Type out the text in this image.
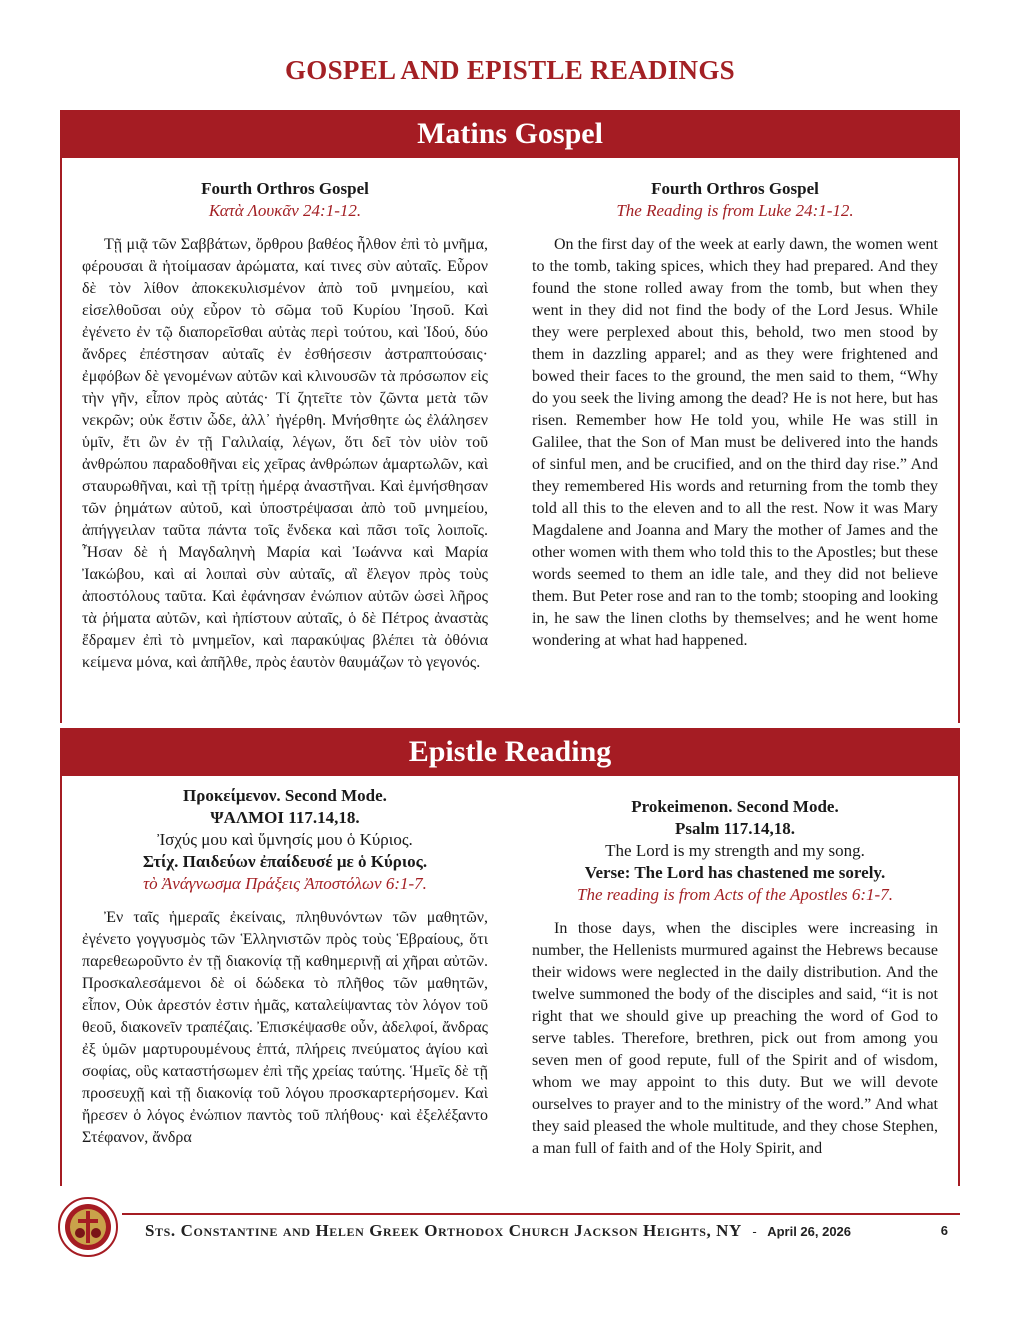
GOSPEL AND EPISTLE READINGS
Matins Gospel
Fourth Orthros Gospel
Κατὰ Λουκᾶν 24:1-12.

Τῇ μιᾷ τῶν Σαββάτων, ὄρθρου βαθέος ἦλθον ἐπὶ τὸ μνῆμα, φέρουσαι ἃ ἡτοίμασαν ἀρώματα, καί τινες σὺν αὐταῖς. Εὗρον δὲ τὸν λίθον ἀποκεκυλισμένον ἀπὸ τοῦ μνημείου, καὶ εἰσελθοῦσαι οὐχ εὗρον τὸ σῶμα τοῦ Κυρίου Ἰησοῦ. Καὶ ἐγένετο ἐν τῷ διαπορεῖσθαι αὐτὰς περὶ τούτου, καὶ Ἰδού, δύο ἄνδρες ἐπέστησαν αὐταῖς ἐν ἐσθήσεσιν ἀστραπτούσαις· ἐμφόβων δὲ γενομένων αὐτῶν καὶ κλινουσῶν τὰ πρόσωπον εἰς τὴν γῆν, εἶπον πρὸς αὐτάς· Τί ζητεῖτε τὸν ζῶντα μετὰ τῶν νεκρῶν; οὐκ ἔστιν ὧδε, ἀλλ᾿ ἠγέρθη. Μνήσθητε ὡς ἐλάλησεν ὑμῖν, ἔτι ὢν ἐν τῇ Γαλιλαίᾳ, λέγων, ὅτι δεῖ τὸν υἱὸν τοῦ ἀνθρώπου παραδοθῆναι εἰς χεῖρας ἀνθρώπων ἁμαρτωλῶν, καὶ σταυρωθῆναι, καὶ τῇ τρίτῃ ἡμέρᾳ ἀναστῆναι. Καὶ ἐμνήσθησαν τῶν ῥημάτων αὐτοῦ, καὶ ὑποστρέψασαι ἀπὸ τοῦ μνημείου, ἀπήγγειλαν ταῦτα πάντα τοῖς ἕνδεκα καὶ πᾶσι τοῖς λοιποῖς. Ἦσαν δὲ ἡ Μαγδαληνὴ Μαρία καὶ Ἰωάννα καὶ Μαρία Ἰακώβου, καὶ αἱ λοιπαὶ σὺν αὐταῖς, αἳ ἔλεγον πρὸς τοὺς ἀποστόλους ταῦτα. Καὶ ἐφάνησαν ἐνώπιον αὐτῶν ὡσεὶ λῆρος τὰ ῥήματα αὐτῶν, καὶ ἠπίστουν αὐταῖς, ὁ δὲ Πέτρος ἀναστὰς ἔδραμεν ἐπὶ τὸ μνημεῖον, καὶ παρακύψας βλέπει τὰ ὀθόνια κείμενα μόνα, καὶ ἀπῆλθε, πρὸς ἑαυτὸν θαυμάζων τὸ γεγονός.

Fourth Orthros Gospel
The Reading is from Luke 24:1-12.

On the first day of the week at early dawn, the women went to the tomb, taking spices, which they had prepared. And they found the stone rolled away from the tomb, but when they went in they did not find the body of the Lord Jesus. While they were perplexed about this, behold, two men stood by them in dazzling apparel; and as they were frightened and bowed their faces to the ground, the men said to them, “Why do you seek the living among the dead? He is not here, but has risen. Remember how He told you, while He was still in Galilee, that the Son of Man must be delivered into the hands of sinful men, and be crucified, and on the third day rise.” And they remembered His words and returning from the tomb they told all this to the eleven and to all the rest. Now it was Mary Magdalene and Joanna and Mary the mother of James and the other women with them who told this to the Apostles; but these words seemed to them an idle tale, and they did not believe them. But Peter rose and ran to the tomb; stooping and looking in, he saw the linen cloths by themselves; and he went home wondering at what had happened.

Epistle Reading
Προκείμενον. Second Mode.
ΨΑΛΜΟΙ 117.14,18.
Ἰσχύς μου καὶ ὕμνησίς μου ὁ Κύριος.
Στίχ. Παιδεύων ἐπαίδευσέ με ὁ Κύριος.
τὸ Ἀνάγνωσμα Πράξεις Ἀποστόλων 6:1-7.

Ἐν ταῖς ἡμεραῖς ἐκείναις, πληθυνόντων τῶν μαθητῶν, ἐγένετο γογγυσμὸς τῶν Ἑλληνιστῶν πρὸς τοὺς Ἑβραίους, ὅτι παρεθεωροῦντο ἐν τῇ διακονίᾳ τῇ καθημερινῇ αἱ χῆραι αὐτῶν. Προσκαλεσάμενοι δὲ οἱ δώδεκα τὸ πλῆθος τῶν μαθητῶν, εἶπον, Οὐκ ἀρεστόν ἐστιν ἡμᾶς, καταλείψαντας τὸν λόγον τοῦ θεοῦ, διακονεῖν τραπέζαις. Ἐπισκέψασθε οὖν, ἀδελφοί, ἄνδρας ἐξ ὑμῶν μαρτυρουμένους ἑπτά, πλήρεις πνεύματος ἁγίου καὶ σοφίας, οὓς καταστήσωμεν ἐπὶ τῆς χρείας ταύτης. Ἡμεῖς δὲ τῇ προσευχῇ καὶ τῇ διακονίᾳ τοῦ λόγου προσκαρτερήσομεν. Καὶ ἤρεσεν ὁ λόγος ἐνώπιον παντὸς τοῦ πλήθους· καὶ ἐξελέξαντο Στέφανον, ἄνδρα

Prokeimenon. Second Mode.
Psalm 117.14,18.
The Lord is my strength and my song.
Verse: The Lord has chastened me sorely.
The reading is from Acts of the Apostles 6:1-7.

In those days, when the disciples were increasing in number, the Hellenists murmured against the Hebrews because their widows were neglected in the daily distribution. And the twelve summoned the body of the disciples and said, “it is not right that we should give up preaching the word of God to serve tables. Therefore, brethren, pick out from among you seven men of good repute, full of the Spirit and of wisdom, whom we may appoint to this duty. But we will devote ourselves to prayer and to the ministry of the word.” And what they said pleased the whole multitude, and they chose Stephen, a man full of faith and of the Holy Spirit, and

Sts. Constantine and Helen Greek Orthodox Church Jackson Heights, NY - April 26, 2026	6
